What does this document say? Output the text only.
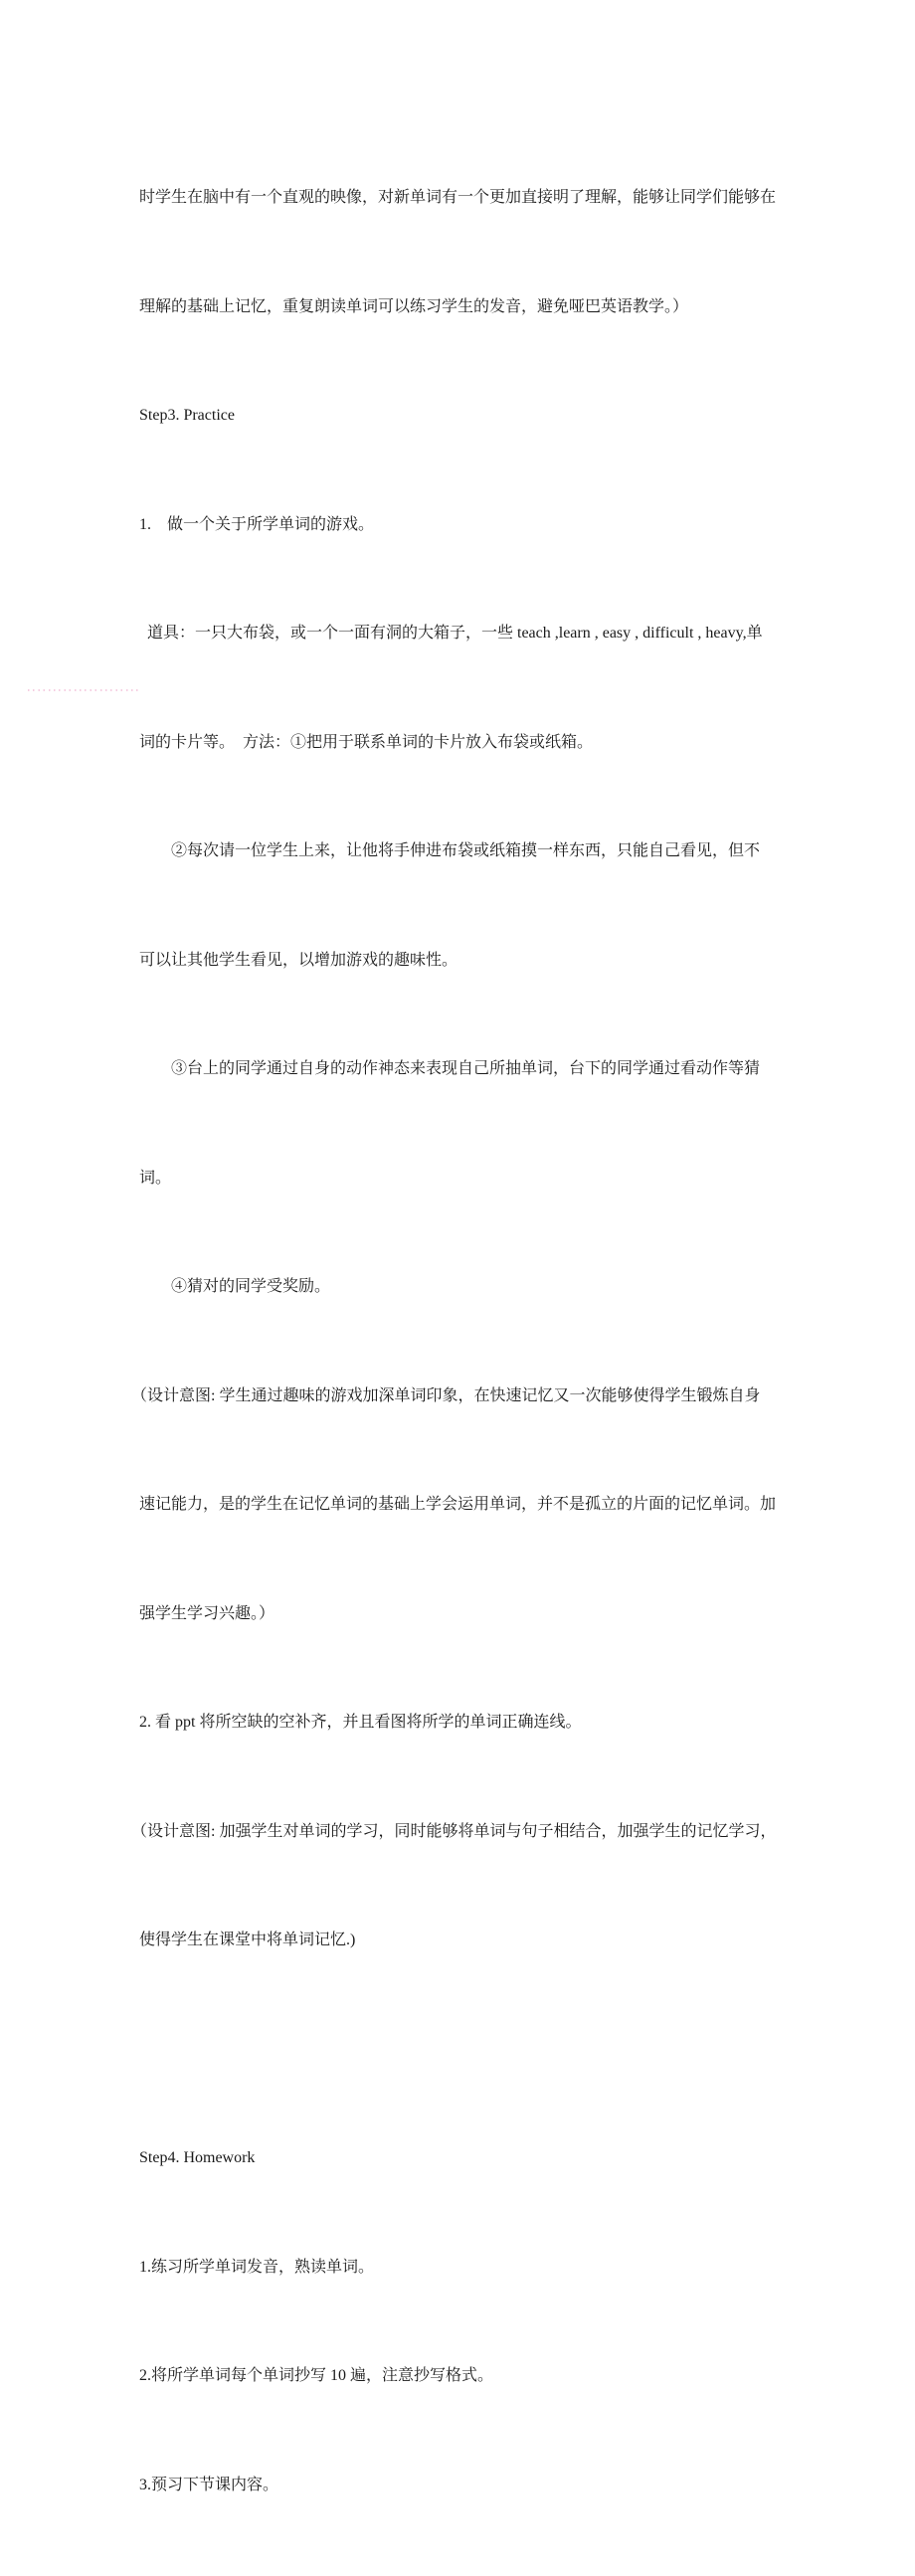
时学生在脑中有一个直观的映像，对新单词有一个更加直接明了理解，能够让同学们能够在

理解的基础上记忆，重复朗读单词可以练习学生的发音，避免哑巴英语教学。）

Step3. Practice

1.　做一个关于所学单词的游戏。

道具：一只大布袋，或一个一面有洞的大箱子，一些 teach ,learn , easy , difficult , heavy,单

词的卡片等。　方法：①把用于联系单词的卡片放入布袋或纸箱。

　　②每次请一位学生上来，让他将手伸进布袋或纸箱摸一样东西，只能自己看见，但不

可以让其他学生看见，以增加游戏的趣味性。

　　③台上的同学通过自身的动作神态来表现自己所抽单词，台下的同学通过看动作等猜

词。

　　④猜对的同学受奖励。

（设计意图: 学生通过趣味的游戏加深单词印象，在快速记忆又一次能够使得学生锻炼自身

速记能力，是的学生在记忆单词的基础上学会运用单词，并不是孤立的片面的记忆单词。加

强学生学习兴趣。）

2. 看 ppt 将所空缺的空补齐，并且看图将所学的单词正确连线。

（设计意图: 加强学生对单词的学习，同时能够将单词与句子相结合，加强学生的记忆学习，

使得学生在课堂中将单词记忆.)

Step4. Homework

1.练习所学单词发音，熟读单词。

2.将所学单词每个单词抄写 10 遍，注意抄写格式。

3.预习下节课内容。
